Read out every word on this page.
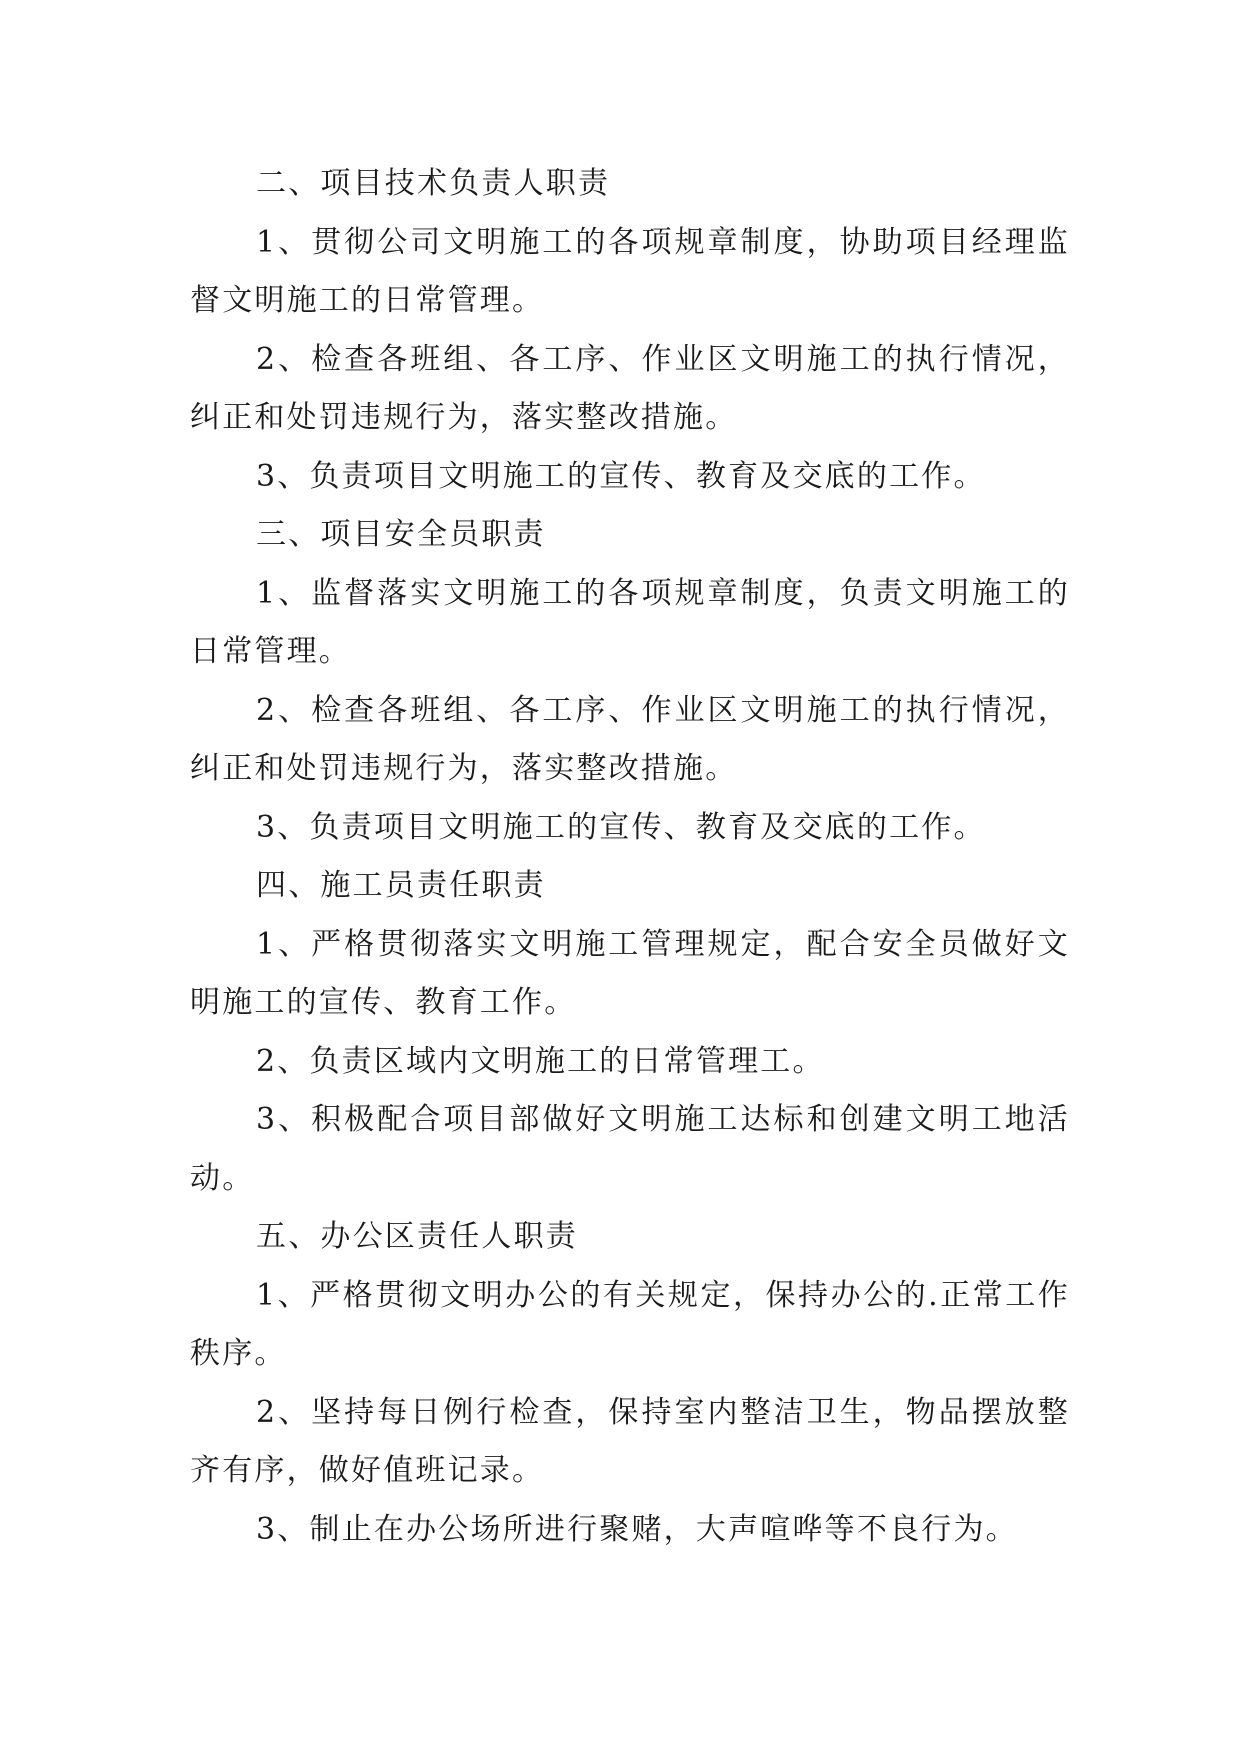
二、项目技术负责人职责

1、贯彻公司文明施工的各项规章制度，协助项目经理监督文明施工的日常管理。

2、检查各班组、各工序、作业区文明施工的执行情况，纠正和处罚违规行为，落实整改措施。

3、负责项目文明施工的宣传、教育及交底的工作。

三、项目安全员职责

1、监督落实文明施工的各项规章制度，负责文明施工的日常管理。

2、检查各班组、各工序、作业区文明施工的执行情况，纠正和处罚违规行为，落实整改措施。

3、负责项目文明施工的宣传、教育及交底的工作。

四、施工员责任职责

1、严格贯彻落实文明施工管理规定，配合安全员做好文明施工的宣传、教育工作。

2、负责区域内文明施工的日常管理工。

3、积极配合项目部做好文明施工达标和创建文明工地活动。

五、办公区责任人职责

1、严格贯彻文明办公的有关规定，保持办公的.正常工作秩序。

2、坚持每日例行检查，保持室内整洁卫生，物品摆放整齐有序，做好值班记录。

3、制止在办公场所进行聚赌，大声喧哗等不良行为。
